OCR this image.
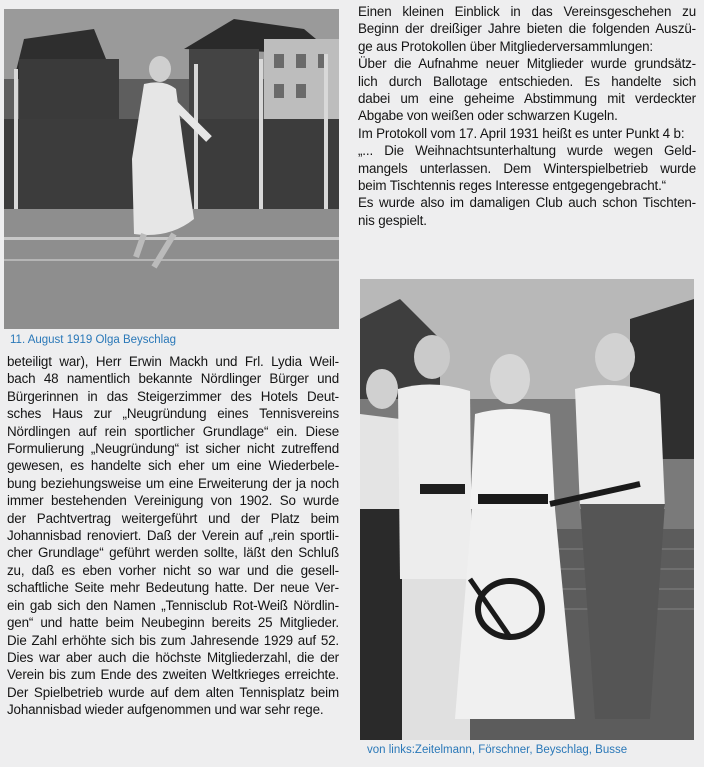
11. August 1919 Olga Beyschlag
Einen kleinen Einblick in das Vereinsgeschehen zu
Beginn der dreißiger Jahre bieten die folgenden Auszü-
ge aus Protokollen über Mitgliederversammlungen:
Über die Aufnahme neuer Mitglieder wurde grundsätz-
lich durch Ballotage entschieden. Es handelte sich
dabei um eine geheime Abstimmung mit verdeckter
Abgabe von weißen oder schwarzen Kugeln.
Im Protokoll vom 17. April 1931 heißt es unter Punkt 4 b:
„... Die Weihnachtsunterhaltung wurde wegen Geld-
mangels unterlassen. Dem Winterspielbetrieb wurde
beim Tischtennis reges Interesse entgegengebracht.“
Es wurde also im damaligen Club auch schon Tischten-
nis gespielt.
von links:Zeitelmann, Förschner, Beyschlag, Busse
beteiligt war), Herr Erwin Mackh und Frl. Lydia Weil-
bach 48 namentlich bekannte Nördlinger Bürger und
Bürgerinnen in das Steigerzimmer des Hotels Deut-
sches Haus zur „Neugründung eines Tennisvereins
Nördlingen auf rein sportlicher Grundlage“ ein. Diese
Formulierung „Neugründung“ ist sicher nicht zutreffend
gewesen, es handelte sich eher um eine Wiederbele-
bung beziehungsweise um eine Erweiterung der ja noch
immer bestehenden Vereinigung von 1902. So wurde
der Pachtvertrag weitergeführt und der Platz beim
Johannisbad renoviert. Daß der Verein auf „rein sportli-
cher Grundlage“ geführt werden sollte, läßt den Schluß
zu, daß es eben vorher nicht so war und die gesell-
schaftliche Seite mehr Bedeutung hatte. Der neue Ver-
ein gab sich den Namen „Tennisclub Rot-Weiß Nördlin-
gen“ und hatte beim Neubeginn bereits 25 Mitglieder.
Die Zahl erhöhte sich bis zum Jahresende 1929 auf 52.
Dies war aber auch die höchste Mitgliederzahl, die der
Verein bis zum Ende des zweiten Weltkrieges erreichte.
Der Spielbetrieb wurde auf dem alten Tennisplatz beim
Johannisbad wieder aufgenommen und war sehr rege.
